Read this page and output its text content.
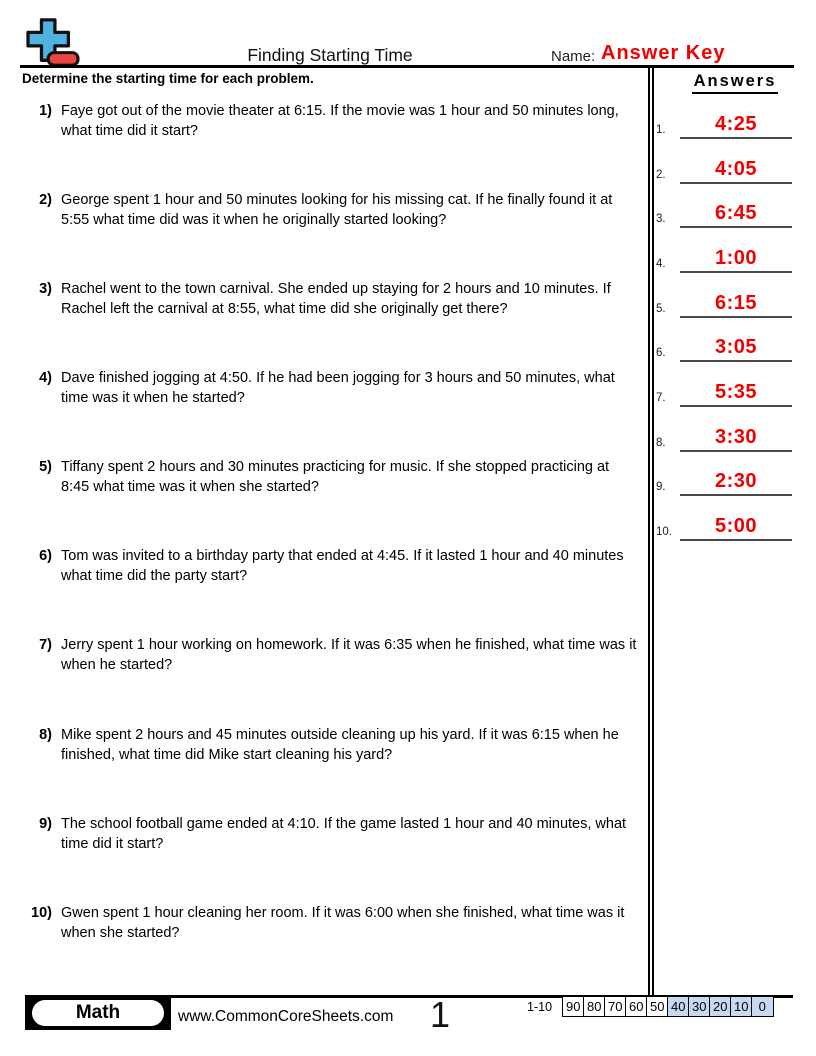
Finding Starting Time	Name: Answer Key
Determine the starting time for each problem.	Answers
1.	4:25
2.	4:05
3.	6:45
4.	1:00
5.	6:15
6.	3:05
7.	5:35
8.	3:30
9.	2:30
10.	5:00
1) Faye got out of the movie theater at 6:15. If the movie was 1 hour and 50 minutes long, what time did it start?
2) George spent 1 hour and 50 minutes looking for his missing cat. If he finally found it at 5:55 what time did was it when he originally started looking?
3) Rachel went to the town carnival. She ended up staying for 2 hours and 10 minutes. If Rachel left the carnival at 8:55, what time did she originally get there?
4) Dave finished jogging at 4:50. If he had been jogging for 3 hours and 50 minutes, what time was it when he started?
5) Tiffany spent 2 hours and 30 minutes practicing for music. If she stopped practicing at 8:45 what time was it when she started?
6) Tom was invited to a birthday party that ended at 4:45. If it lasted 1 hour and 40 minutes what time did the party start?
7) Jerry spent 1 hour working on homework. If it was 6:35 when he finished, what time was it when he started?
8) Mike spent 2 hours and 45 minutes outside cleaning up his yard. If it was 6:15 when he finished, what time did Mike start cleaning his yard?
9) The school football game ended at 4:10. If the game lasted 1 hour and 40 minutes, what time did it start?
10) Gwen spent 1 hour cleaning her room. If it was 6:00 when she finished, what time was it when she started?
Math	www.CommonCoreSheets.com	1	1-10	90 80 70 60 50 40 30 20 10 0
